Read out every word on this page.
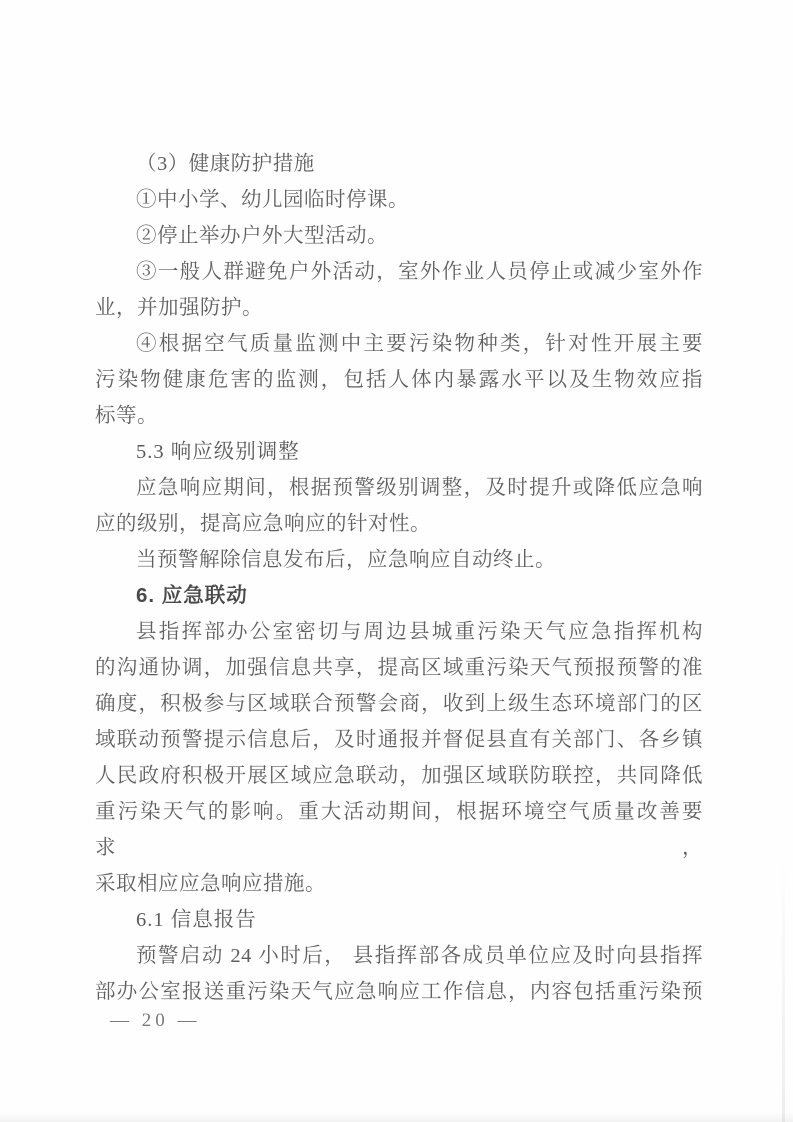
（3）健康防护措施
①中小学、幼儿园临时停课。
②停止举办户外大型活动。
③一般人群避免户外活动，室外作业人员停止或减少室外作
业，并加强防护。
④根据空气质量监测中主要污染物种类，针对性开展主要
污染物健康危害的监测，包括人体内暴露水平以及生物效应指
标等。
5.3 响应级别调整
应急响应期间，根据预警级别调整，及时提升或降低应急响
应的级别，提高应急响应的针对性。
当预警解除信息发布后，应急响应自动终止。
6. 应急联动
县指挥部办公室密切与周边县城重污染天气应急指挥机构
的沟通协调，加强信息共享，提高区域重污染天气预报预警的准
确度，积极参与区域联合预警会商，收到上级生态环境部门的区
域联动预警提示信息后，及时通报并督促县直有关部门、各乡镇
人民政府积极开展区域应急联动，加强区域联防联控，共同降低
重污染天气的影响。重大活动期间，根据环境空气质量改善要求，
采取相应应急响应措施。
6.1 信息报告
预警启动 24 小时后， 县指挥部各成员单位应及时向县指挥
部办公室报送重污染天气应急响应工作信息，内容包括重污染预
— 20 —
